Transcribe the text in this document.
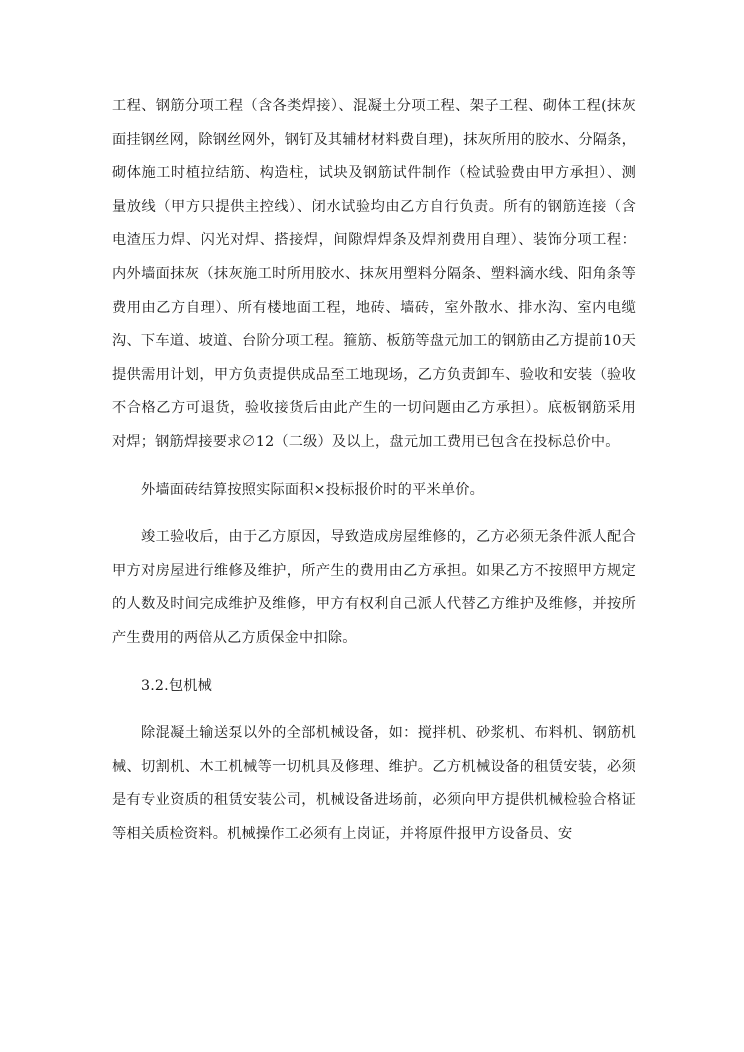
工程、钢筋分项工程（含各类焊接）、混凝土分项工程、架子工程、砌体工程(抹灰面挂钢丝网，除钢丝网外，钢钉及其辅材材料费自理)，抹灰所用的胶水、分隔条，砌体施工时植拉结筋、构造柱，试块及钢筋试件制作（检试验费由甲方承担）、测量放线（甲方只提供主控线）、闭水试验均由乙方自行负责。所有的钢筋连接（含电渣压力焊、闪光对焊、搭接焊，间隙焊焊条及焊剂费用自理）、装饰分项工程：内外墙面抹灰（抹灰施工时所用胶水、抹灰用塑料分隔条、塑料滴水线、阳角条等费用由乙方自理）、所有楼地面工程，地砖、墙砖，室外散水、排水沟、室内电缆沟、下车道、坡道、台阶分项工程。箍筋、板筋等盘元加工的钢筋由乙方提前10天提供需用计划，甲方负责提供成品至工地现场，乙方负责卸车、验收和安装（验收不合格乙方可退货，验收接货后由此产生的一切问题由乙方承担）。底板钢筋采用对焊；钢筋焊接要求∅12（二级）及以上，盘元加工费用已包含在投标总价中。

外墙面砖结算按照实际面积×投标报价时的平米单价。

竣工验收后，由于乙方原因，导致造成房屋维修的，乙方必须无条件派人配合甲方对房屋进行维修及维护，所产生的费用由乙方承担。如果乙方不按照甲方规定的人数及时间完成维护及维修，甲方有权利自己派人代替乙方维护及维修，并按所产生费用的两倍从乙方质保金中扣除。

3.2.包机械

除混凝土输送泵以外的全部机械设备，如：搅拌机、砂浆机、布料机、钢筋机械、切割机、木工机械等一切机具及修理、维护。乙方机械设备的租赁安装，必须是有专业资质的租赁安装公司，机械设备进场前，必须向甲方提供机械检验合格证等相关质检资料。机械操作工必须有上岗证，并将原件报甲方设备员、安
